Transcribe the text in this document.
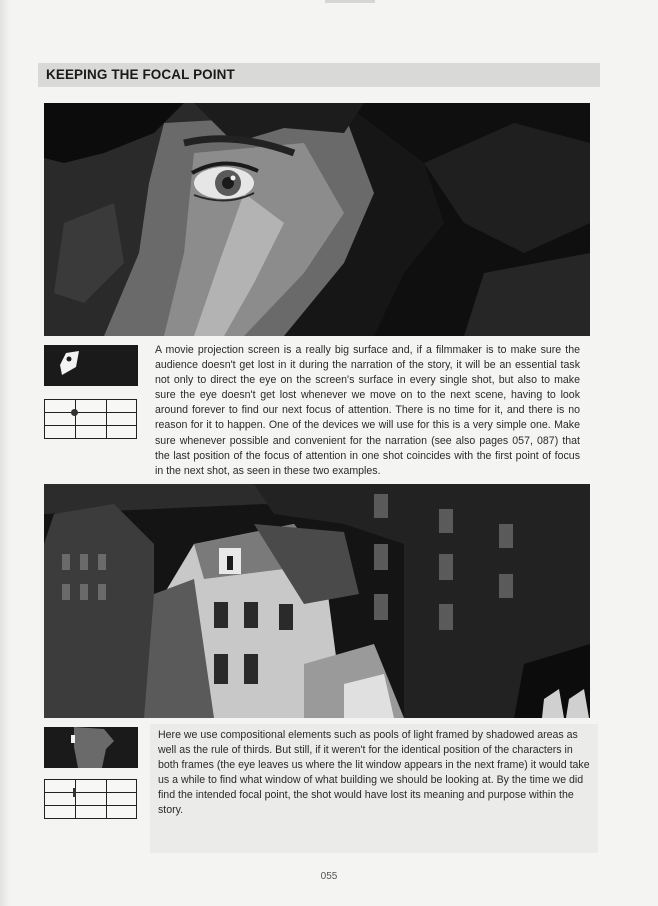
KEEPING THE FOCAL POINT

A movie projection screen is a really big surface and, if a filmmaker is to make sure the audience doesn't get lost in it during the narration of the story, it will be an essential task not only to direct the eye on the screen's surface in every single shot, but also to make sure the eye doesn't get lost whenever we move on to the next scene, having to look around forever to find our next focus of attention. There is no time for it, and there is no reason for it to happen. One of the devices we will use for this is a very simple one. Make sure whenever possible and convenient for the narration (see also pages 057, 087) that the last position of the focus of attention in one shot coincides with the first point of focus in the next shot, as seen in these two examples.

Here we use compositional elements such as pools of light framed by shadowed areas as well as the rule of thirds. But still, if it weren't for the identical position of the characters in both frames (the eye leaves us where the lit window appears in the next frame) it would take us a while to find what window of what building we should be looking at. By the time we did find the intended focal point, the shot would have lost its meaning and purpose within the story.

055
